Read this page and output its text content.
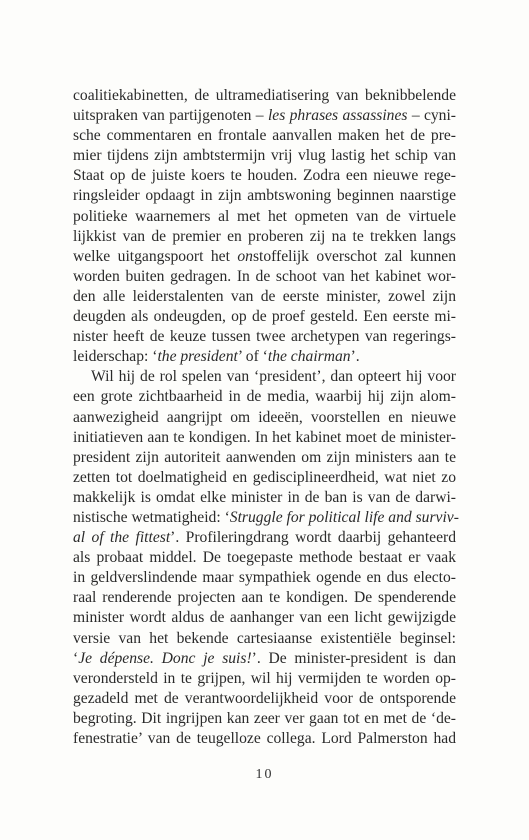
coalitiekabinetten, de ultramediatisering van beknibbelende
uitspraken van partijgenoten – les phrases assassines – cyni-
sche commentaren en frontale aanvallen maken het de pre-
mier tijdens zijn ambtstermijn vrij vlug lastig het schip van
Staat op de juiste koers te houden. Zodra een nieuwe rege-
ringsleider opdaagt in zijn ambtswoning beginnen naarstige
politieke waarnemers al met het opmeten van de virtuele
lijkkist van de premier en proberen zij na te trekken langs
welke uitgangspoort het onstoffelijk overschot zal kunnen
worden buiten gedragen. In de schoot van het kabinet wor-
den alle leiderstalenten van de eerste minister, zowel zijn
deugden als ondeugden, op de proef gesteld. Een eerste mi-
nister heeft de keuze tussen twee archetypen van regerings-
leiderschap: ‘the president’ of ‘the chairman’.
Wil hij de rol spelen van ‘president’, dan opteert hij voor
een grote zichtbaarheid in de media, waarbij hij zijn alom-
aanwezigheid aangrijpt om ideeën, voorstellen en nieuwe
initiatieven aan te kondigen. In het kabinet moet de minister-
president zijn autoriteit aanwenden om zijn ministers aan te
zetten tot doelmatigheid en gedisciplineerdheid, wat niet zo
makkelijk is omdat elke minister in de ban is van de darwi-
nistische wetmatigheid: ‘Struggle for political life and surviv-
al of the fittest’. Profileringdrang wordt daarbij gehanteerd
als probaat middel. De toegepaste methode bestaat er vaak
in geldverslindende maar sympathiek ogende en dus electo-
raal renderende projecten aan te kondigen. De spenderende
minister wordt aldus de aanhanger van een licht gewijzigde
versie van het bekende cartesiaanse existentiële beginsel:
‘Je dépense. Donc je suis!’. De minister-president is dan
verondersteld in te grijpen, wil hij vermijden te worden op-
gezadeld met de verantwoordelijkheid voor de ontsporende
begroting. Dit ingrijpen kan zeer ver gaan tot en met de ‘de-
fenestratie’ van de teugelloze collega. Lord Palmerston had
10
